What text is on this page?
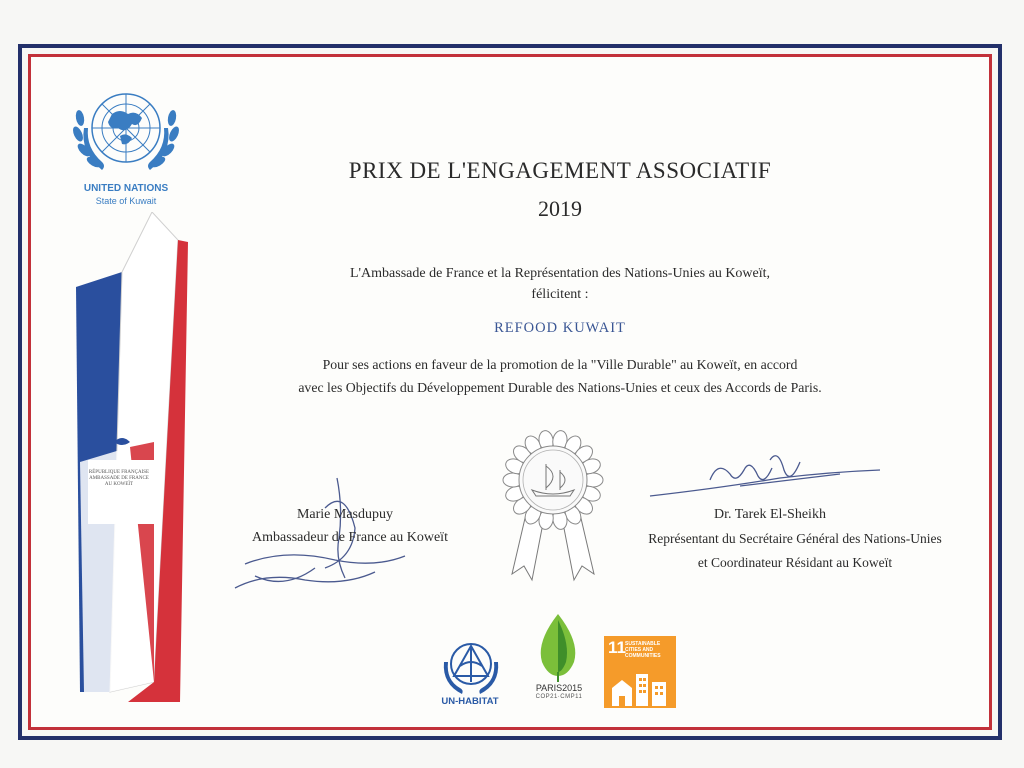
UNITED NATIONS
State of Kuwait
RÉPUBLIQUE FRANÇAISE
AMBASSADE DE FRANCE
AU KOWEÏT
PRIX DE L'ENGAGEMENT ASSOCIATIF
2019
L'Ambassade de France et la Représentation des Nations-Unies au Koweït,
félicitent :
REFOOD KUWAIT
Pour ses actions en faveur de la promotion de la "Ville Durable" au Koweït, en accord
avec les Objectifs du Développement Durable des Nations-Unies et ceux des Accords de Paris.
Marie Masdupuy
Ambassadeur de France au Koweït
Dr. Tarek El-Sheikh
Représentant du Secrétaire Général des Nations-Unies
et Coordinateur Résidant au Koweït
UN-HABITAT
PARIS2015
COP21·CMP11
11 SUSTAINABLE CITIES AND COMMUNITIES
